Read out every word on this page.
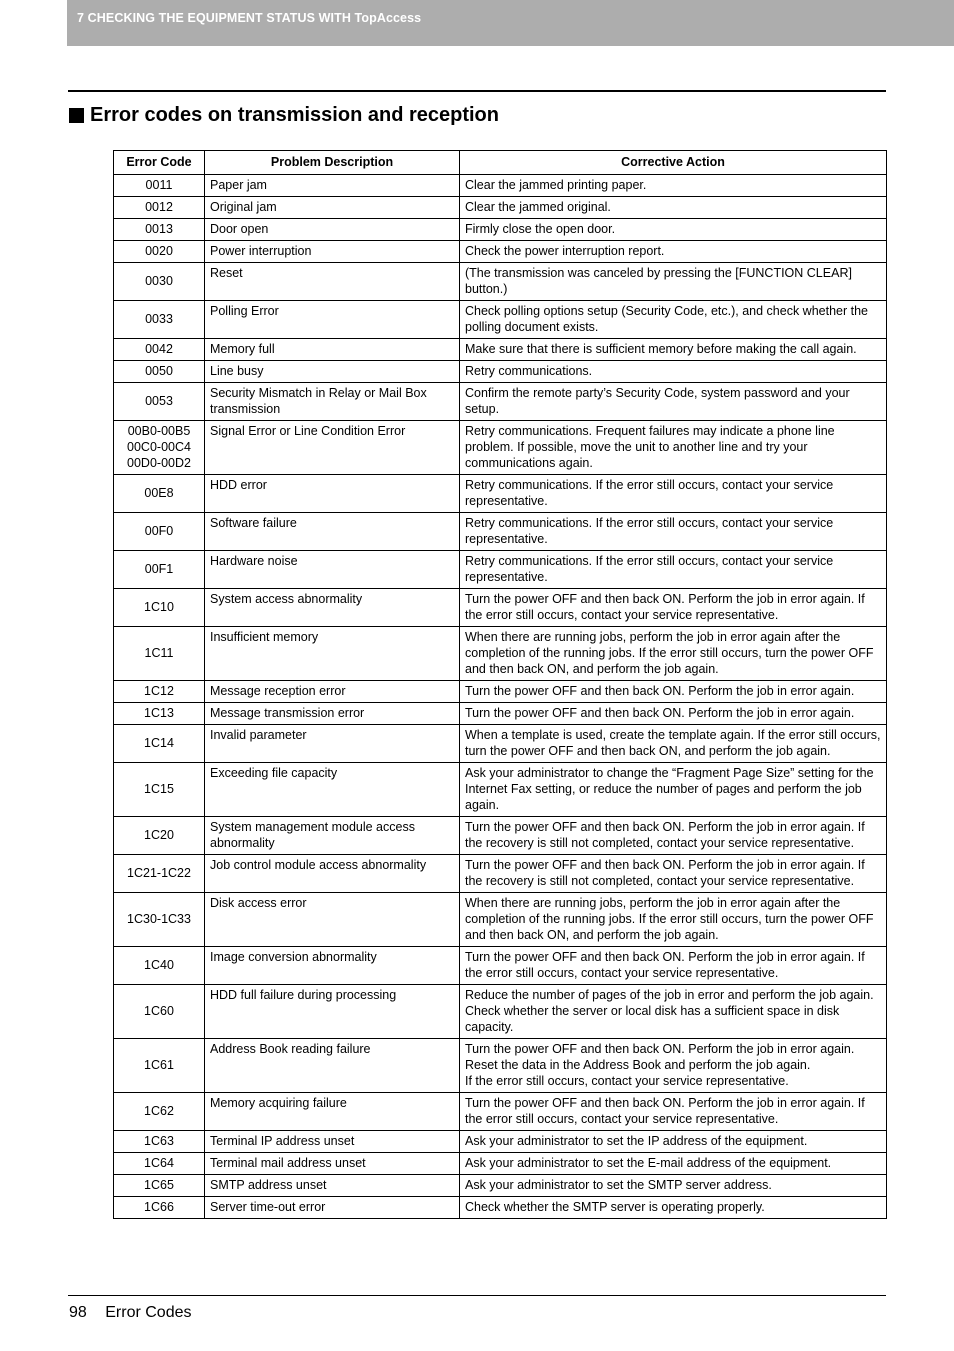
7 CHECKING THE EQUIPMENT STATUS WITH TopAccess
Error codes on transmission and reception
Error Code	Problem Description	Corrective Action
0011	Paper jam	Clear the jammed printing paper.
0012	Original jam	Clear the jammed original.
0013	Door open	Firmly close the open door.
0020	Power interruption	Check the power interruption report.
0030	Reset	(The transmission was canceled by pressing the [FUNCTION CLEAR] button.)
0033	Polling Error	Check polling options setup (Security Code, etc.), and check whether the polling document exists.
0042	Memory full	Make sure that there is sufficient memory before making the call again.
0050	Line busy	Retry communications.
0053	Security Mismatch in Relay or Mail Box transmission	Confirm the remote party’s Security Code, system password and your setup.
00B0-00B5
00C0-00C4
00D0-00D2	Signal Error or Line Condition Error	Retry communications. Frequent failures may indicate a phone line problem. If possible, move the unit to another line and try your communications again.
00E8	HDD error	Retry communications. If the error still occurs, contact your service representative.
00F0	Software failure	Retry communications. If the error still occurs, contact your service representative.
00F1	Hardware noise	Retry communications. If the error still occurs, contact your service representative.
1C10	System access abnormality	Turn the power OFF and then back ON. Perform the job in error again. If the error still occurs, contact your service representative.
1C11	Insufficient memory	When there are running jobs, perform the job in error again after the completion of the running jobs. If the error still occurs, turn the power OFF and then back ON, and perform the job again.
1C12	Message reception error	Turn the power OFF and then back ON. Perform the job in error again.
1C13	Message transmission error	Turn the power OFF and then back ON. Perform the job in error again.
1C14	Invalid parameter	When a template is used, create the template again. If the error still occurs, turn the power OFF and then back ON, and perform the job again.
1C15	Exceeding file capacity	Ask your administrator to change the “Fragment Page Size” setting for the Internet Fax setting, or reduce the number of pages and perform the job again.
1C20	System management module access abnormality	Turn the power OFF and then back ON. Perform the job in error again. If the recovery is still not completed, contact your service representative.
1C21-1C22	Job control module access abnormality	Turn the power OFF and then back ON. Perform the job in error again. If the recovery is still not completed, contact your service representative.
1C30-1C33	Disk access error	When there are running jobs, perform the job in error again after the completion of the running jobs. If the error still occurs, turn the power OFF and then back ON, and perform the job again.
1C40	Image conversion abnormality	Turn the power OFF and then back ON. Perform the job in error again. If the error still occurs, contact your service representative.
1C60	HDD full failure during processing	Reduce the number of pages of the job in error and perform the job again. Check whether the server or local disk has a sufficient space in disk capacity.
1C61	Address Book reading failure	Turn the power OFF and then back ON. Perform the job in error again. Reset the data in the Address Book and perform the job again.
If the error still occurs, contact your service representative.
1C62	Memory acquiring failure	Turn the power OFF and then back ON. Perform the job in error again. If the error still occurs, contact your service representative.
1C63	Terminal IP address unset	Ask your administrator to set the IP address of the equipment.
1C64	Terminal mail address unset	Ask your administrator to set the E-mail address of the equipment.
1C65	SMTP address unset	Ask your administrator to set the SMTP server address.
1C66	Server time-out error	Check whether the SMTP server is operating properly.
98 Error Codes
